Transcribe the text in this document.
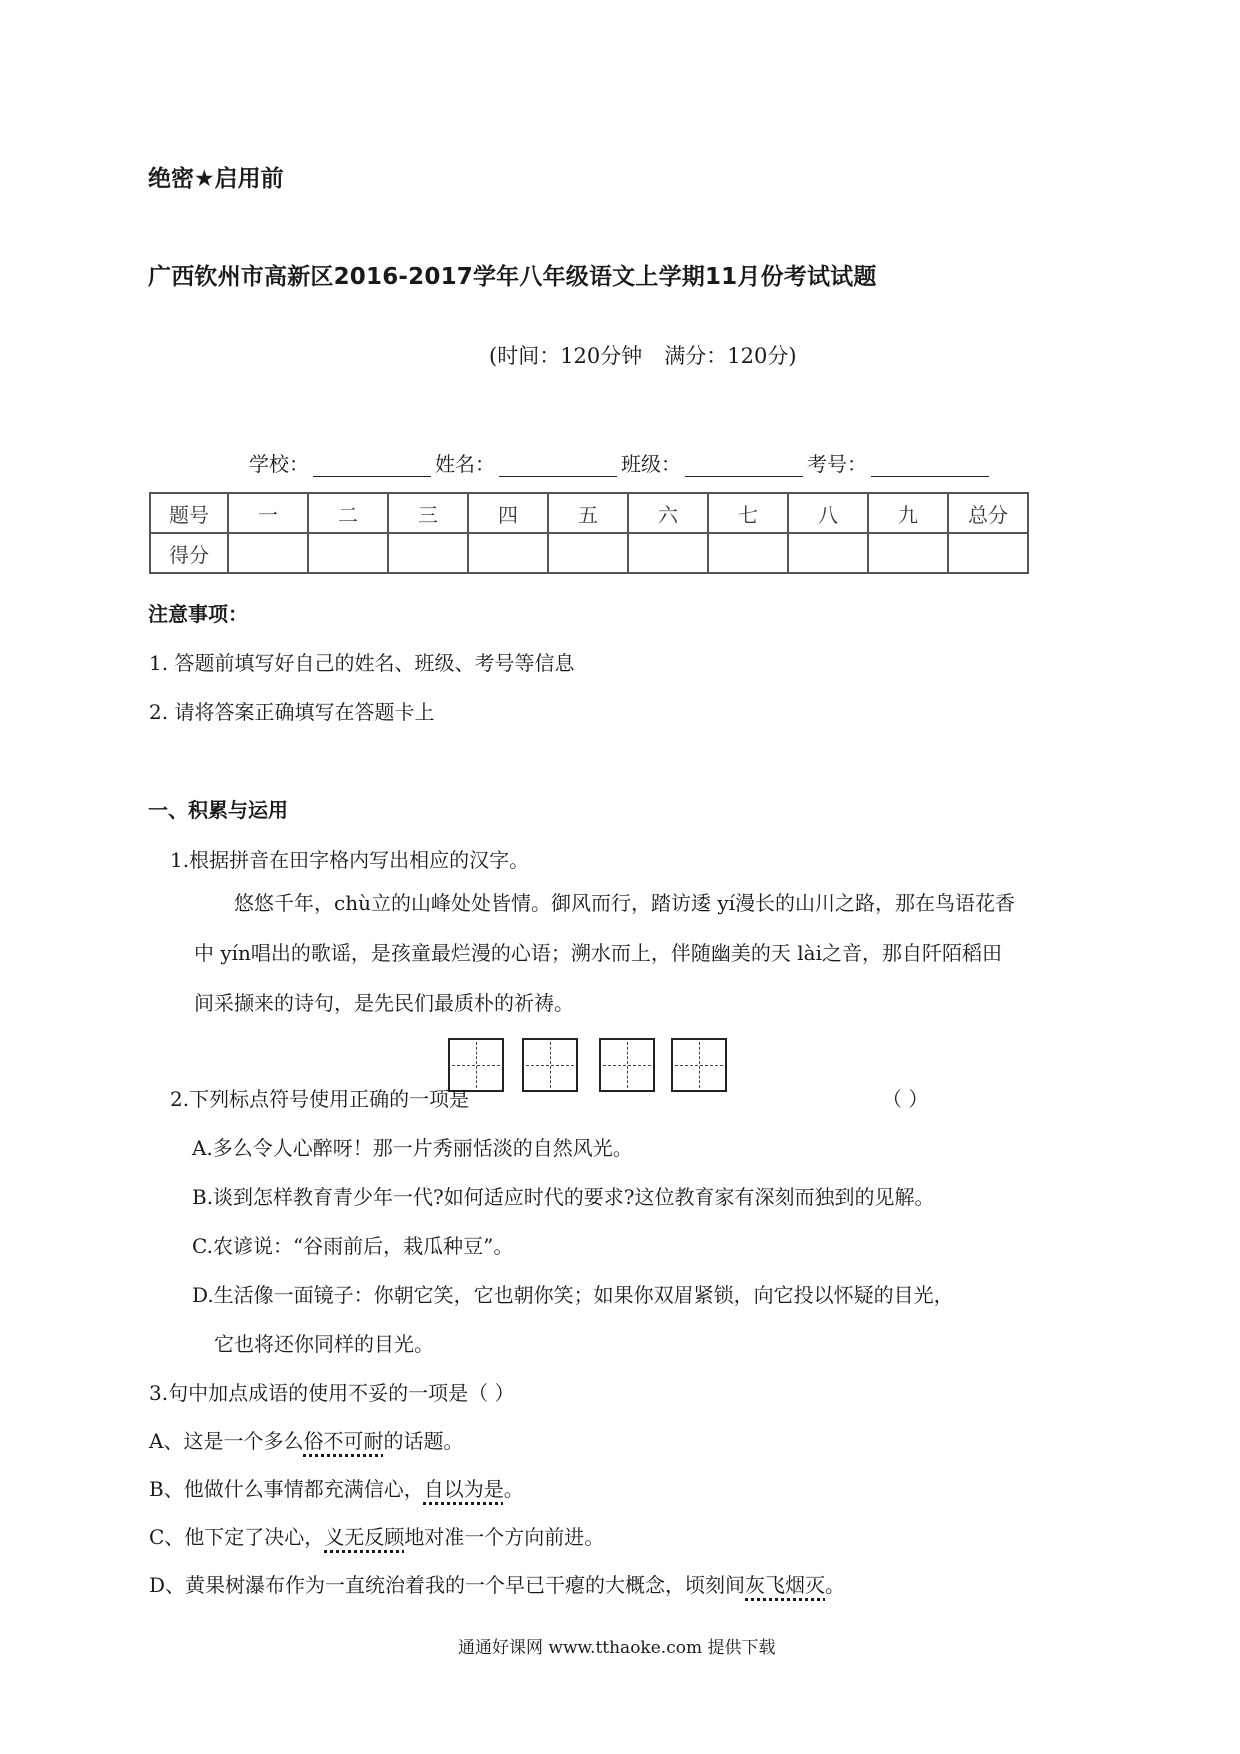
绝密★启用前
广西钦州市高新区2016-2017学年八年级语文上学期11月份考试试题
(时间：120分钟 满分：120分)
学校：	姓名：	班级：	考号：
题号	一	二	三	四	五	六	七	八	九	总分
得分										
注意事项：
1. 答题前填写好自己的姓名、班级、考号等信息
2. 请将答案正确填写在答题卡上
一、积累与运用
1.根据拼音在田字格内写出相应的汉字。
悠悠千年，chù立的山峰处处皆情。御风而行，踏访逶 yí漫长的山川之路，那在鸟语花香
中 yín唱出的歌谣，是孩童最烂漫的心语；溯水而上，伴随幽美的天 lài之音，那自阡陌稻田
间采撷来的诗句，是先民们最质朴的祈祷。
2.下列标点符号使用正确的一项是	（ ）
A.多么令人心醉呀！那一片秀丽恬淡的自然风光。
B.谈到怎样教育青少年一代?如何适应时代的要求?这位教育家有深刻而独到的见解。
C.农谚说：“谷雨前后，栽瓜种豆”。
D.生活像一面镜子：你朝它笑，它也朝你笑；如果你双眉紧锁，向它投以怀疑的目光，
它也将还你同样的目光。
3.句中加点成语的使用不妥的一项是（ ）
A、这是一个多么俗不可耐的话题。
B、他做什么事情都充满信心，自以为是。
C、他下定了决心，义无反顾地对准一个方向前进。
D、黄果树瀑布作为一直统治着我的一个早已干瘪的大概念，顷刻间灰飞烟灭。
通通好课网 www.tthaoke.com 提供下载
